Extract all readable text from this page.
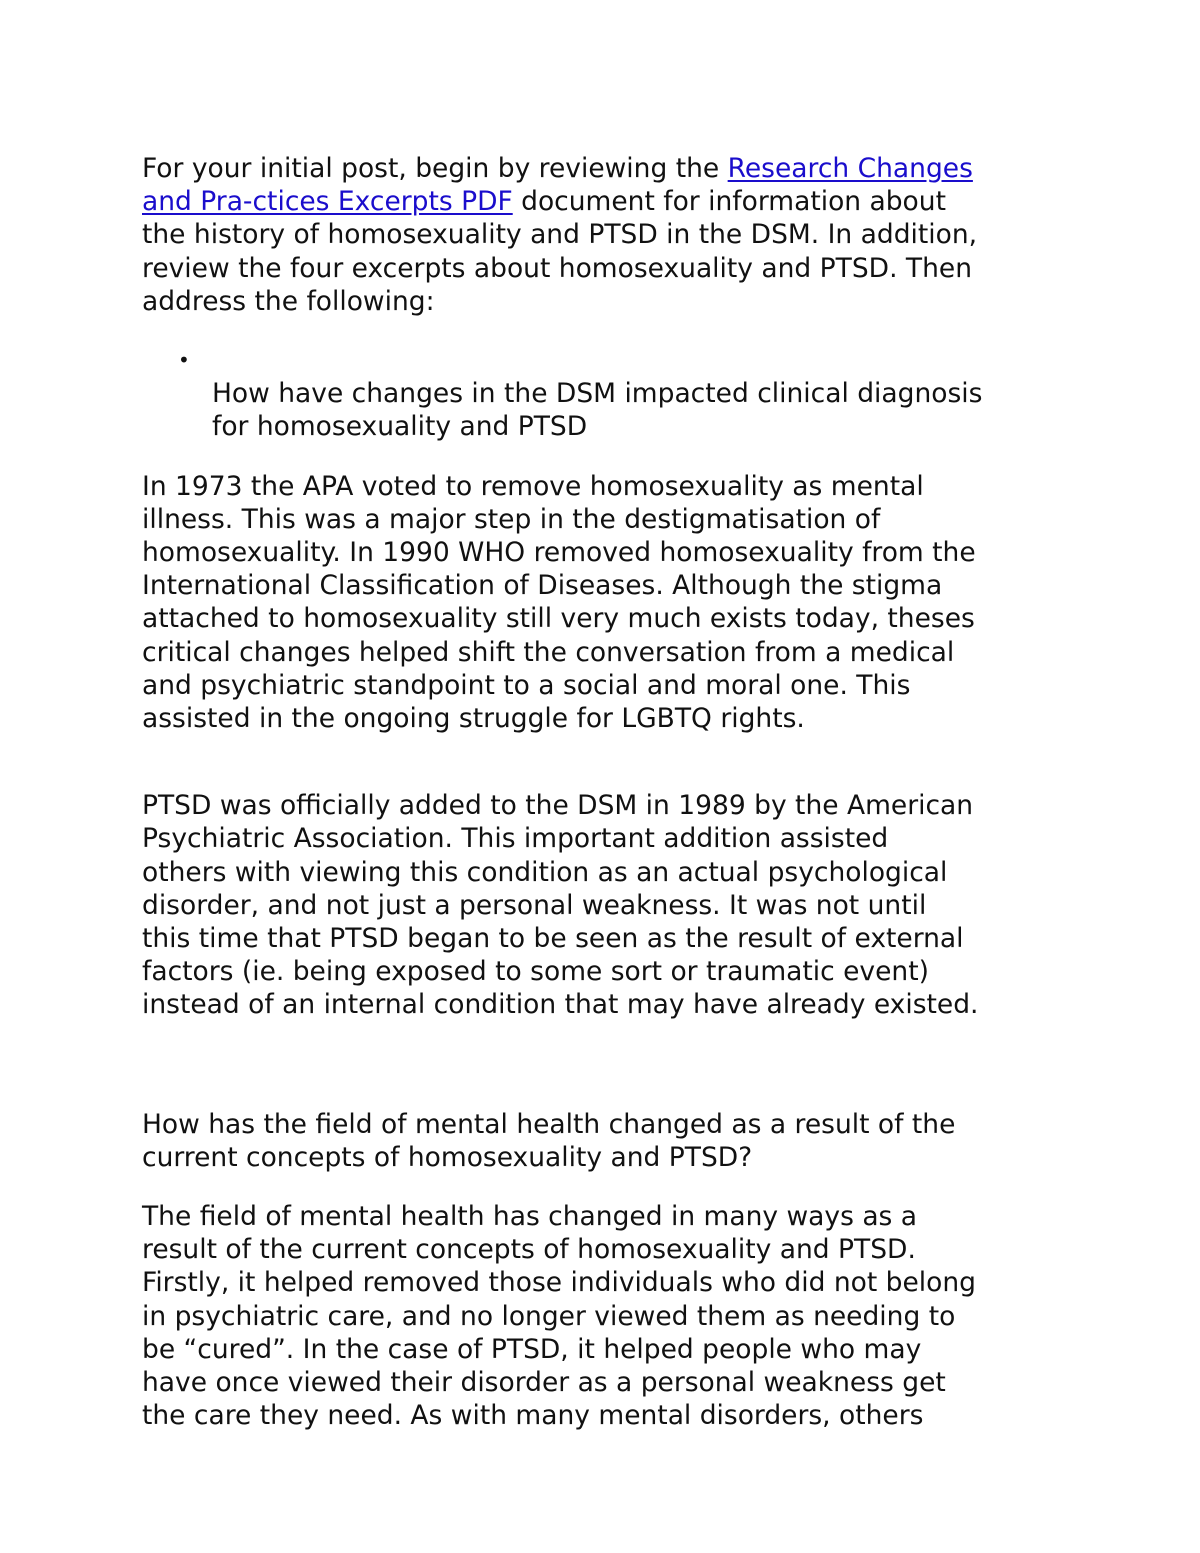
For your initial post, begin by reviewing the Research Changes
and Pra-ctices Excerpts PDF document for information about
the history of homosexuality and PTSD in the DSM. In addition,
review the four excerpts about homosexuality and PTSD. Then
address the following:

•
How have changes in the DSM impacted clinical diagnosis
for homosexuality and PTSD

In 1973 the APA voted to remove homosexuality as mental
illness. This was a major step in the destigmatisation of
homosexuality. In 1990 WHO removed homosexuality from the
International Classification of Diseases. Although the stigma
attached to homosexuality still very much exists today, theses
critical changes helped shift the conversation from a medical
and psychiatric standpoint to a social and moral one. This
assisted in the ongoing struggle for LGBTQ rights.

PTSD was officially added to the DSM in 1989 by the American
Psychiatric Association. This important addition assisted
others with viewing this condition as an actual psychological
disorder, and not just a personal weakness. It was not until
this time that PTSD began to be seen as the result of external
factors (ie. being exposed to some sort or traumatic event)
instead of an internal condition that may have already existed.

How has the field of mental health changed as a result of the
current concepts of homosexuality and PTSD?

The field of mental health has changed in many ways as a
result of the current concepts of homosexuality and PTSD.
Firstly, it helped removed those individuals who did not belong
in psychiatric care, and no longer viewed them as needing to
be “cured”. In the case of PTSD, it helped people who may
have once viewed their disorder as a personal weakness get
the care they need. As with many mental disorders, others
